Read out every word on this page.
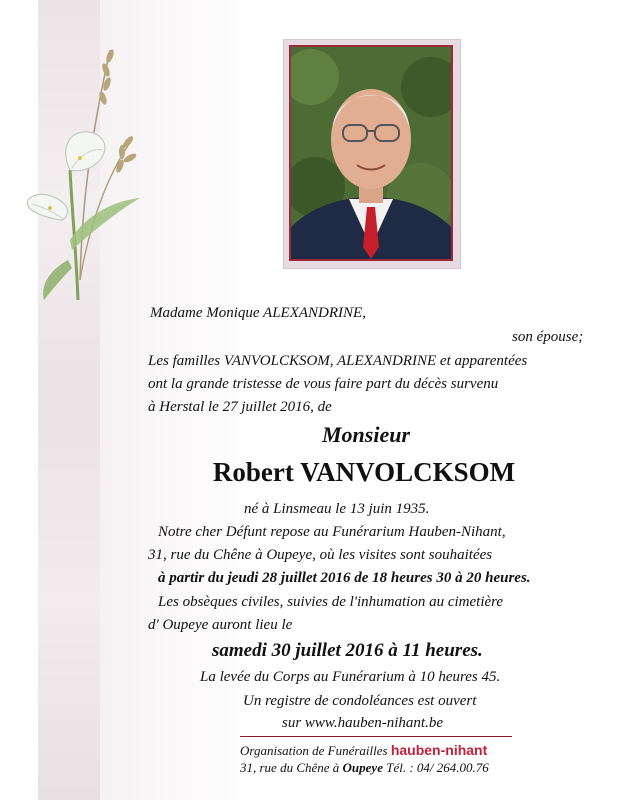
Madame Monique ALEXANDRINE,
son épouse;
Les familles VANVOLCKSOM, ALEXANDRINE et apparentées
ont la grande tristesse de vous faire part du décès survenu
à Herstal le 27 juillet 2016, de
Monsieur
Robert VANVOLCKSOM
né à Linsmeau le 13 juin 1935.
Notre cher Défunt repose au Funérarium Hauben-Nihant,
31, rue du Chêne à Oupeye, où les visites sont souhaitées
à partir du jeudi 28 juillet 2016 de 18 heures 30 à 20 heures.
Les obsèques civiles, suivies de l'inhumation au cimetière
d' Oupeye auront lieu le
samedi 30 juillet 2016 à 11 heures.
La levée du Corps au Funérarium à 10 heures 45.
Un registre de condoléances est ouvert
sur www.hauben-nihant.be
Organisation de Funérailles hauben-nihant
31, rue du Chêne à Oupeye Tél. : 04/ 264.00.76
